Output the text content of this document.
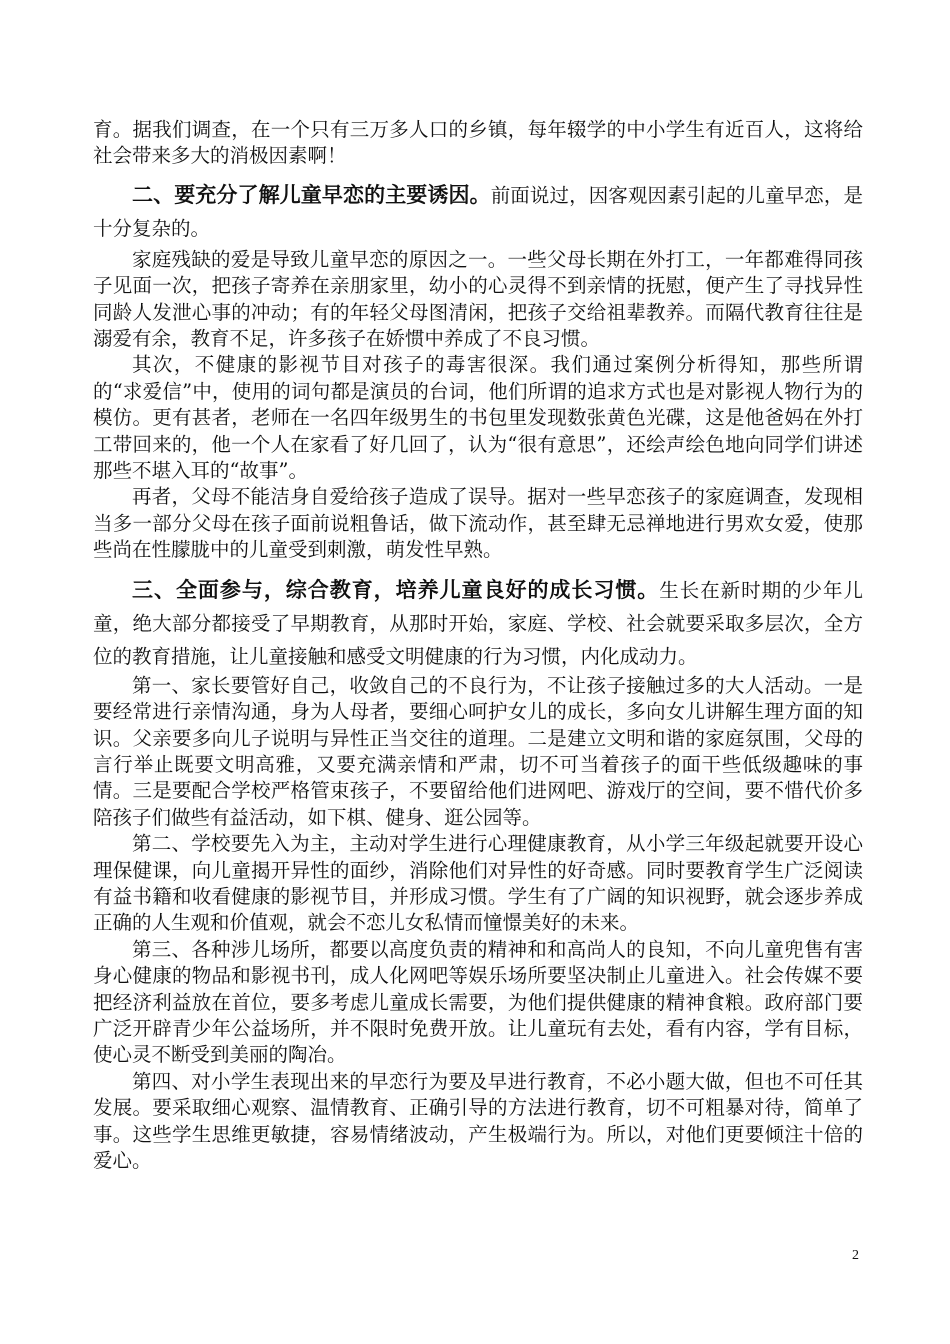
育。据我们调查，在一个只有三万多人口的乡镇，每年辍学的中小学生有近百人，这将给社会带来多大的消极因素啊！

二、要充分了解儿童早恋的主要诱因。前面说过，因客观因素引起的儿童早恋，是十分复杂的。

家庭残缺的爱是导致儿童早恋的原因之一。一些父母长期在外打工，一年都难得同孩子见面一次，把孩子寄养在亲朋家里，幼小的心灵得不到亲情的抚慰，便产生了寻找异性同龄人发泄心事的冲动；有的年轻父母图清闲，把孩子交给祖辈教养。而隔代教育往往是溺爱有余，教育不足，许多孩子在娇惯中养成了不良习惯。

其次，不健康的影视节目对孩子的毒害很深。我们通过案例分析得知，那些所谓的“求爱信”中，使用的词句都是演员的台词，他们所谓的追求方式也是对影视人物行为的模仿。更有甚者，老师在一名四年级男生的书包里发现数张黄色光碟，这是他爸妈在外打工带回来的，他一个人在家看了好几回了，认为“很有意思”，还绘声绘色地向同学们讲述那些不堪入耳的“故事”。

再者，父母不能洁身自爱给孩子造成了误导。据对一些早恋孩子的家庭调查，发现相当多一部分父母在孩子面前说粗鲁话，做下流动作，甚至肆无忌禅地进行男欢女爱，使那些尚在性朦胧中的儿童受到刺激，萌发性早熟。

三、全面参与，综合教育，培养儿童良好的成长习惯。生长在新时期的少年儿童，绝大部分都接受了早期教育，从那时开始，家庭、学校、社会就要采取多层次，全方位的教育措施，让儿童接触和感受文明健康的行为习惯，内化成动力。

第一、家长要管好自己，收敛自己的不良行为，不让孩子接触过多的大人活动。一是要经常进行亲情沟通，身为人母者，要细心呵护女儿的成长，多向女儿讲解生理方面的知识。父亲要多向儿子说明与异性正当交往的道理。二是建立文明和谐的家庭氛围，父母的言行举止既要文明高雅，又要充满亲情和严肃，切不可当着孩子的面干些低级趣味的事情。三是要配合学校严格管束孩子，不要留给他们进网吧、游戏厅的空间，要不惜代价多陪孩子们做些有益活动，如下棋、健身、逛公园等。

第二、学校要先入为主，主动对学生进行心理健康教育，从小学三年级起就要开设心理保健课，向儿童揭开异性的面纱，消除他们对异性的好奇感。同时要教育学生广泛阅读有益书籍和收看健康的影视节目，并形成习惯。学生有了广阔的知识视野，就会逐步养成正确的人生观和价值观，就会不恋儿女私情而憧憬美好的未来。

第三、各种涉儿场所，都要以高度负责的精神和和高尚人的良知，不向儿童兜售有害身心健康的物品和影视书刊，成人化网吧等娱乐场所要坚决制止儿童进入。社会传媒不要把经济利益放在首位，要多考虑儿童成长需要，为他们提供健康的精神食粮。政府部门要广泛开辟青少年公益场所，并不限时免费开放。让儿童玩有去处，看有内容，学有目标，使心灵不断受到美丽的陶冶。

第四、对小学生表现出来的早恋行为要及早进行教育，不必小题大做，但也不可任其发展。要采取细心观察、温情教育、正确引导的方法进行教育，切不可粗暴对待，简单了事。这些学生思维更敏捷，容易情绪波动，产生极端行为。所以，对他们更要倾注十倍的爱心。

2
